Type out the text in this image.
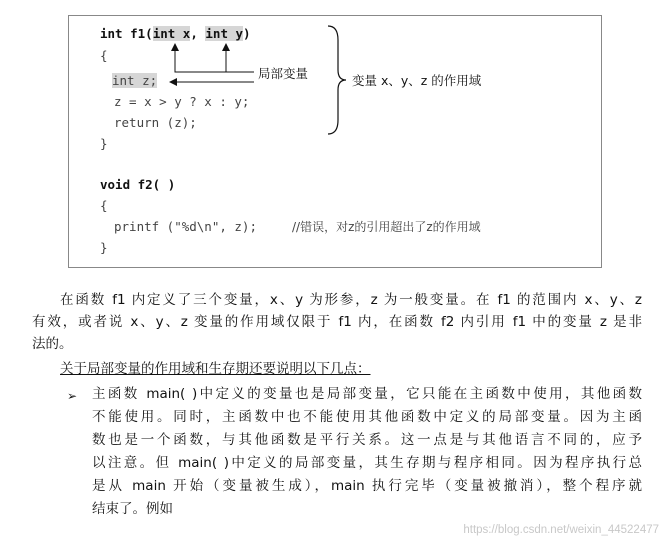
int f1(int x, int y)
{
int z;
z = x > y ? x : y;
return (z);
}
void f2( )
{
printf ("%d\n", z);	//错误，对z的引用超出了z的作用域
}
局部变量	变量 x、y、z 的作用域
在函数 f1 内定义了三个变量，x、y 为形参，z 为一般变量。在 f1 的范围内 x、y、z
有效，或者说 x、y、z 变量的作用域仅限于 f1 内，在函数 f2 内引用 f1 中的变量 z 是非
法的。
关于局部变量的作用域和生存期还要说明以下几点：
➢ 主函数 main( )中定义的变量也是局部变量，它只能在主函数中使用，其他函数
不能使用。同时，主函数中也不能使用其他函数中定义的局部变量。因为主函
数也是一个函数，与其他函数是平行关系。这一点是与其他语言不同的，应予
以注意。但 main( )中定义的局部变量，其生存期与程序相同。因为程序执行总
是从 main 开始（变量被生成），main 执行完毕（变量被撤消），整个程序就
结束了。例如
https://blog.csdn.net/weixin_44522477
